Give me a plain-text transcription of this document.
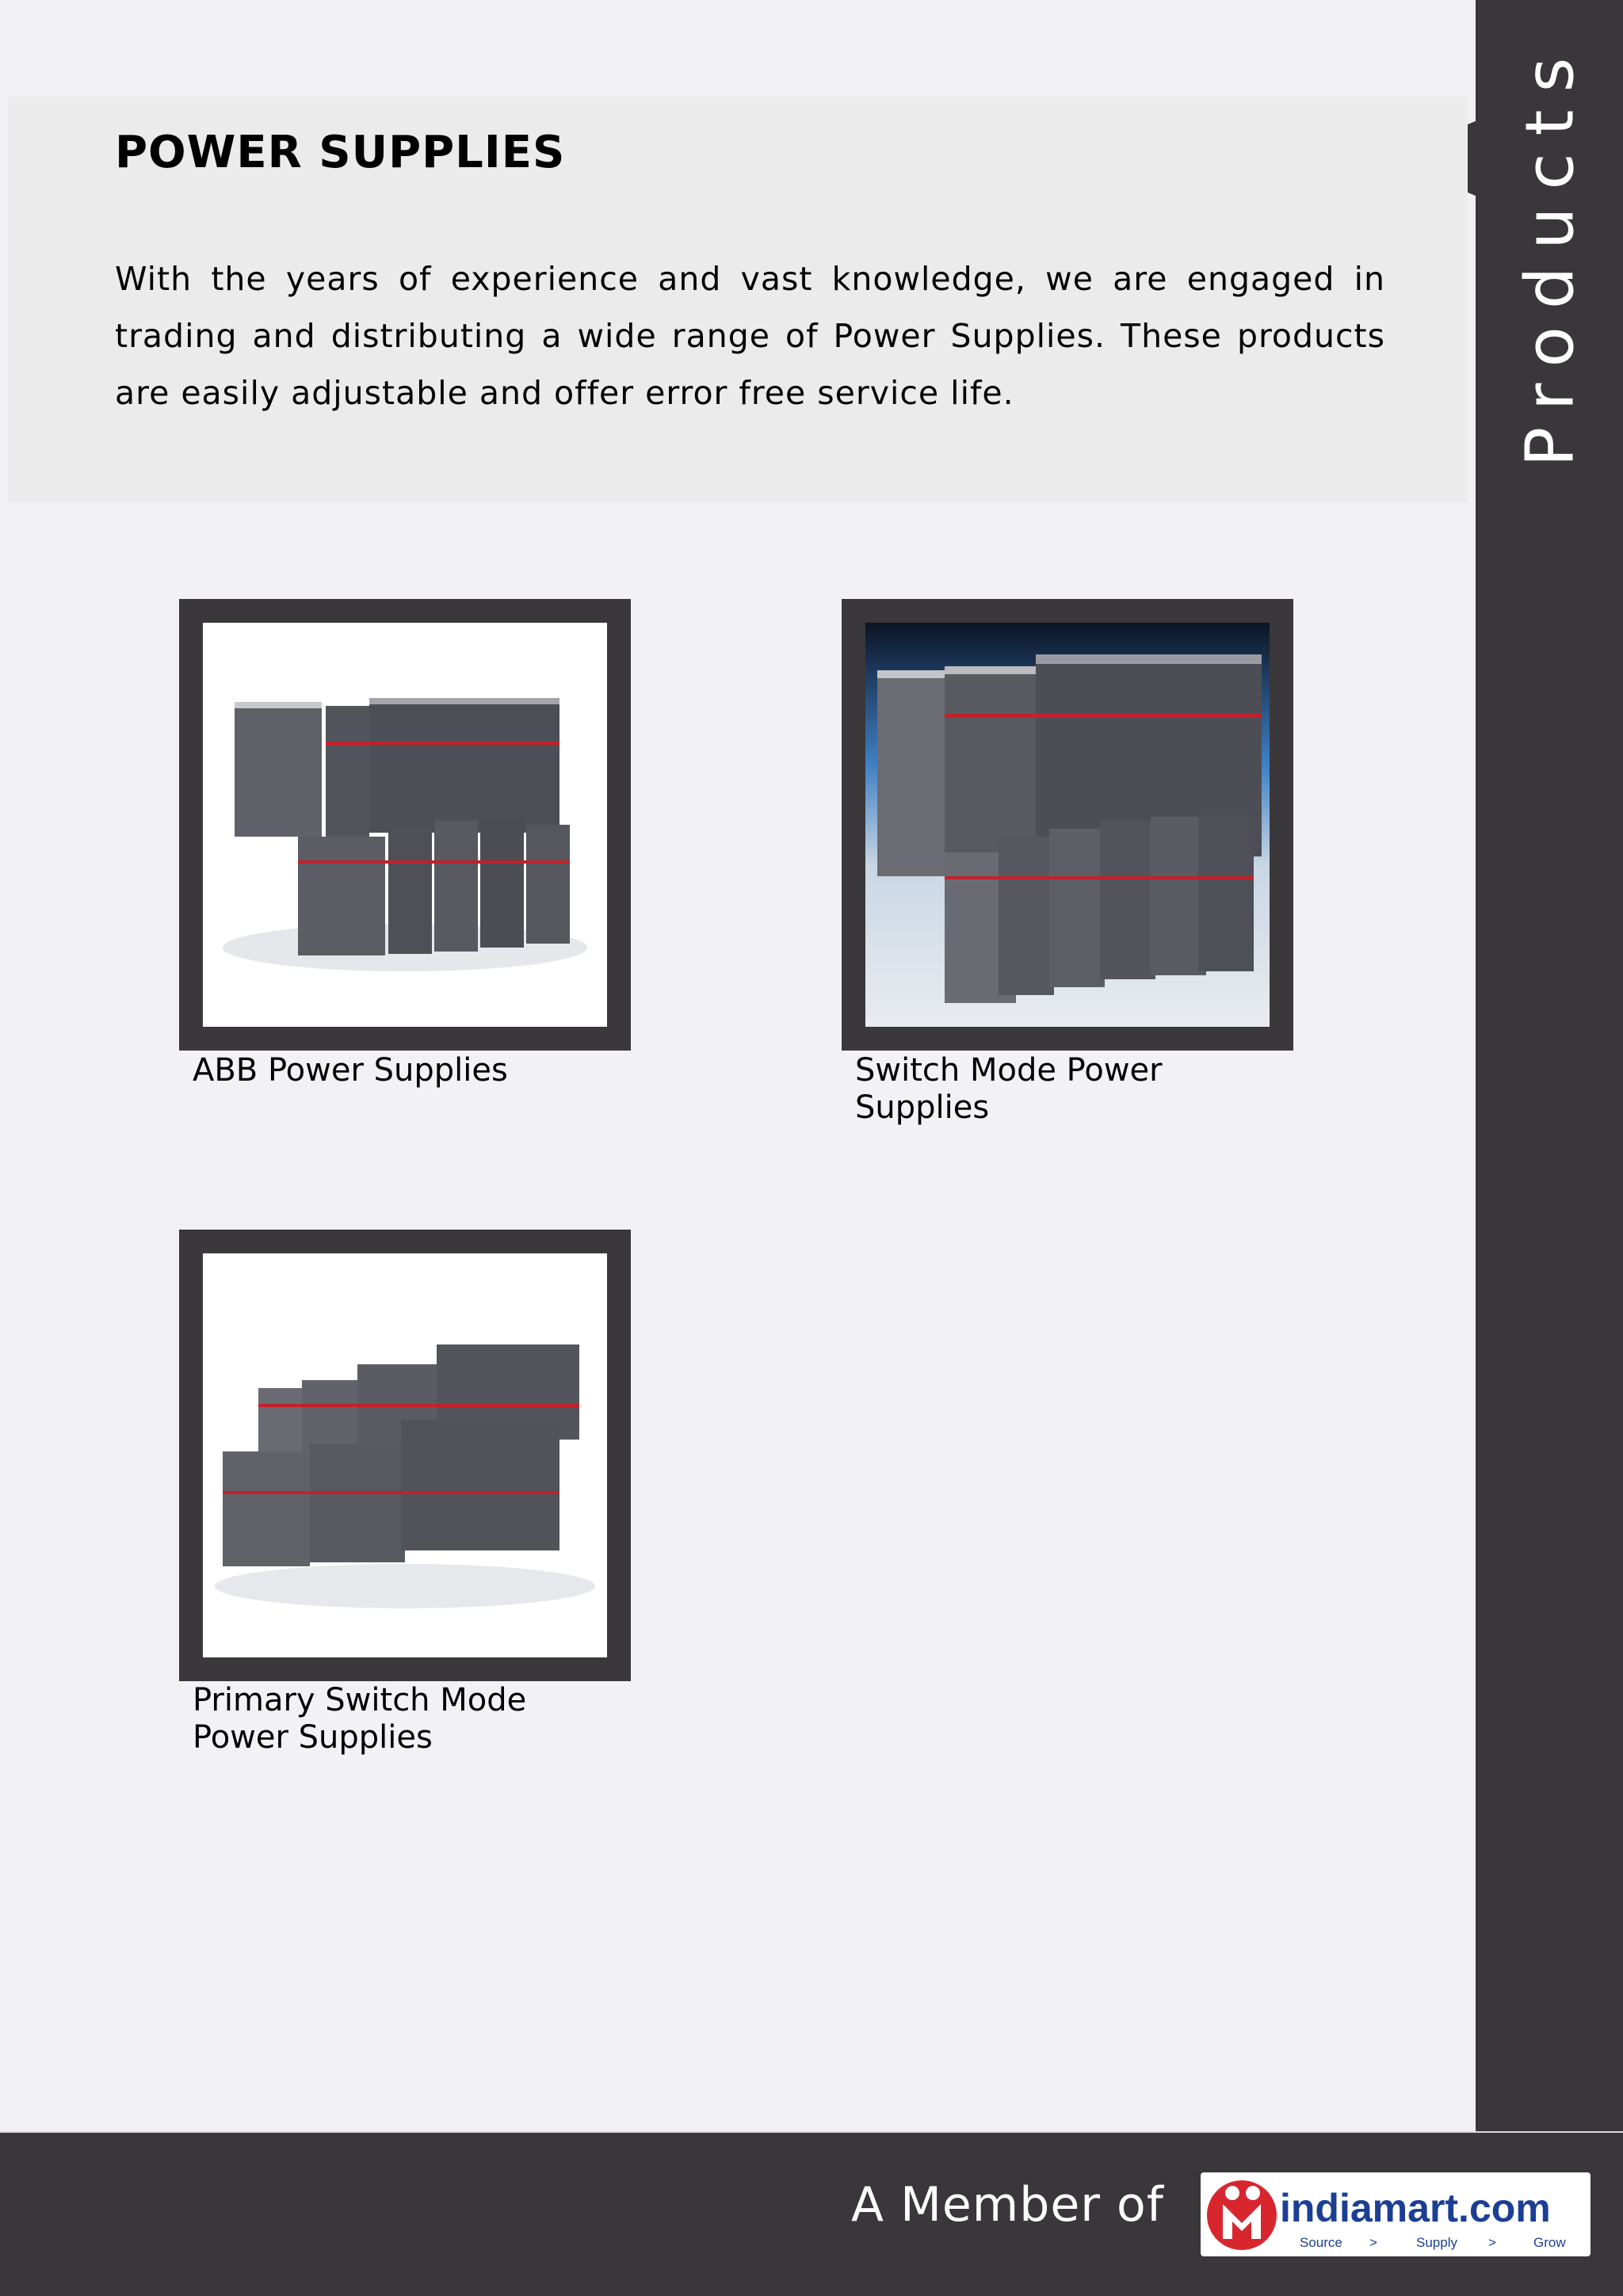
Products
POWER SUPPLIES

With the years of experience and vast knowledge, we are engaged in trading and distributing a wide range of Power Supplies. These products are easily adjustable and offer error free service life.

ABB Power Supplies	Switch Mode Power Supplies
Primary Switch Mode Power Supplies
A Member of	indiamart.com
Source >	Supply >	Grow
